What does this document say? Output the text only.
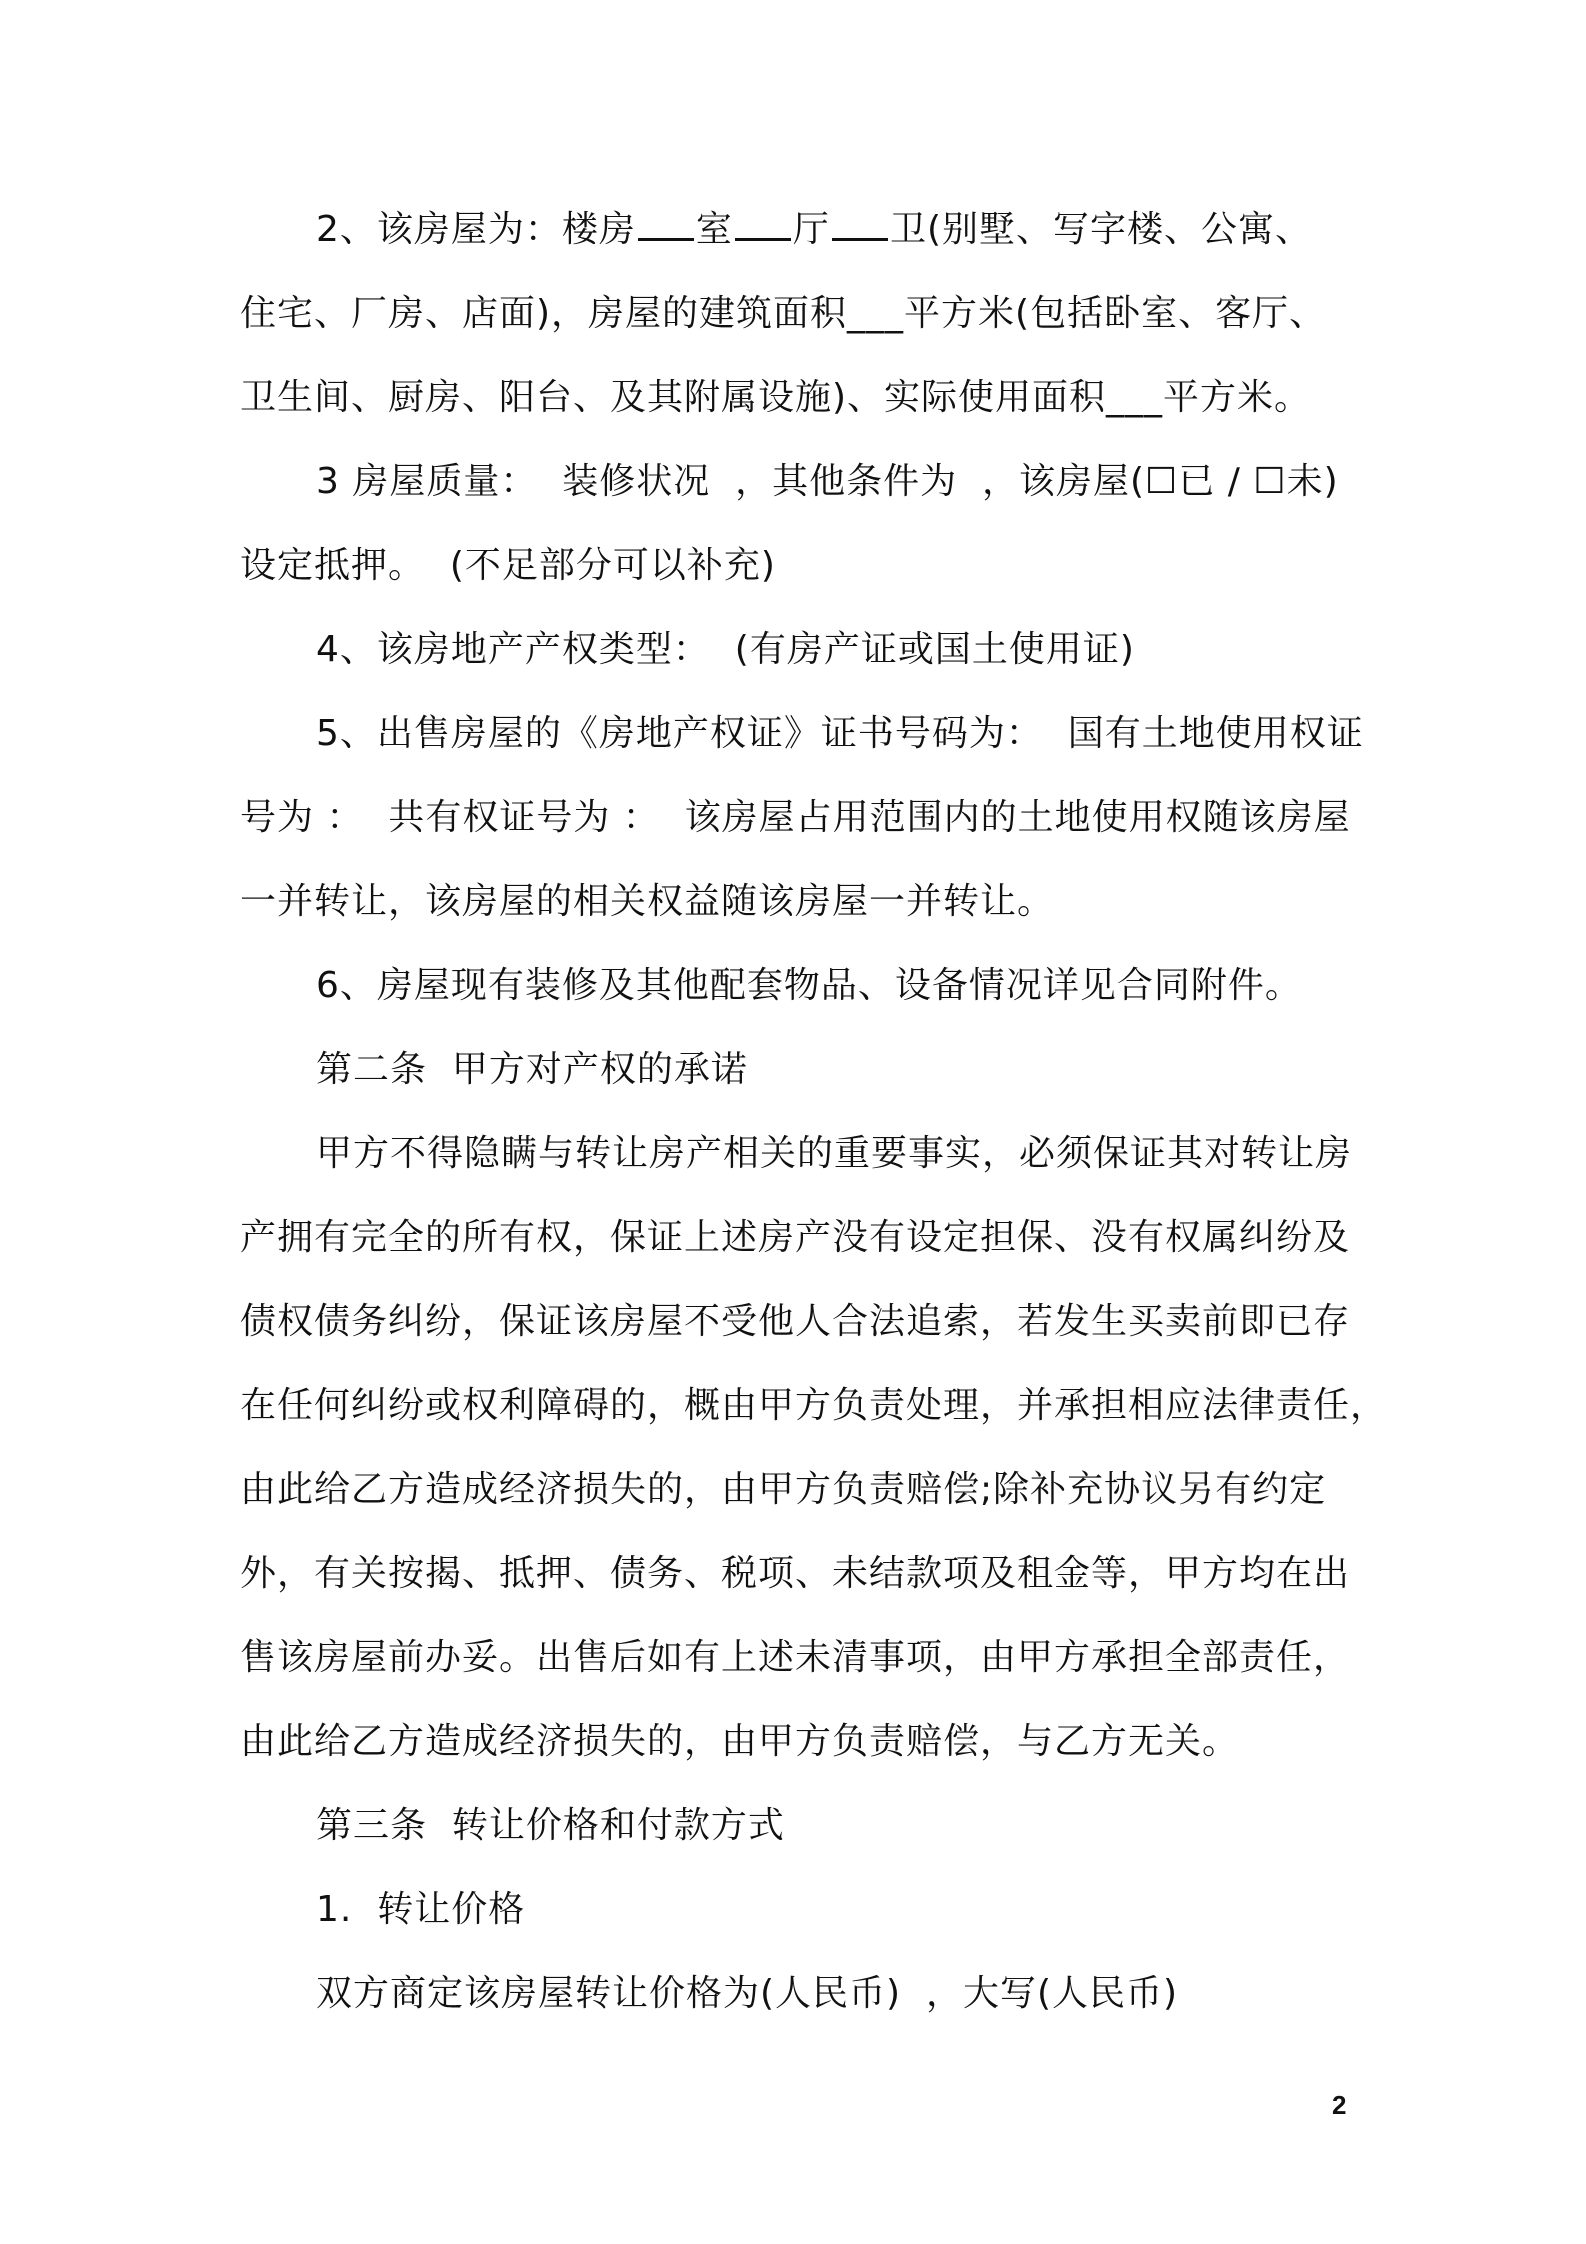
2、该房屋为：楼房 室 厅 卫(别墅、写字楼、公寓、
住宅、厂房、店面)，房屋的建筑面积___平方米(包括卧室、客厅、
卫生间、厨房、阳台、及其附属设施)、实际使用面积___平方米。
3 房屋质量：  装修状况  ，其他条件为  ，该房屋(☐已 / ☐未)
设定抵押。  (不足部分可以补充)
4、该房地产产权类型：  (有房产证或国土使用证)
5、出售房屋的《房地产权证》证书号码为：  国有土地使用权证
号为 ：  共有权证号为 ：  该房屋占用范围内的土地使用权随该房屋
一并转让，该房屋的相关权益随该房屋一并转让。
6、房屋现有装修及其他配套物品、设备情况详见合同附件。
第二条  甲方对产权的承诺
甲方不得隐瞒与转让房产相关的重要事实，必须保证其对转让房
产拥有完全的所有权，保证上述房产没有设定担保、没有权属纠纷及
债权债务纠纷，保证该房屋不受他人合法追索，若发生买卖前即已存
在任何纠纷或权利障碍的，概由甲方负责处理，并承担相应法律责任，
由此给乙方造成经济损失的，由甲方负责赔偿;除补充协议另有约定
外，有关按揭、抵押、债务、税项、未结款项及租金等，甲方均在出
售该房屋前办妥。出售后如有上述未清事项，由甲方承担全部责任，
由此给乙方造成经济损失的，由甲方负责赔偿，与乙方无关。
第三条  转让价格和付款方式
1.  转让价格
双方商定该房屋转让价格为(人民币)  ，大写(人民币)
2
